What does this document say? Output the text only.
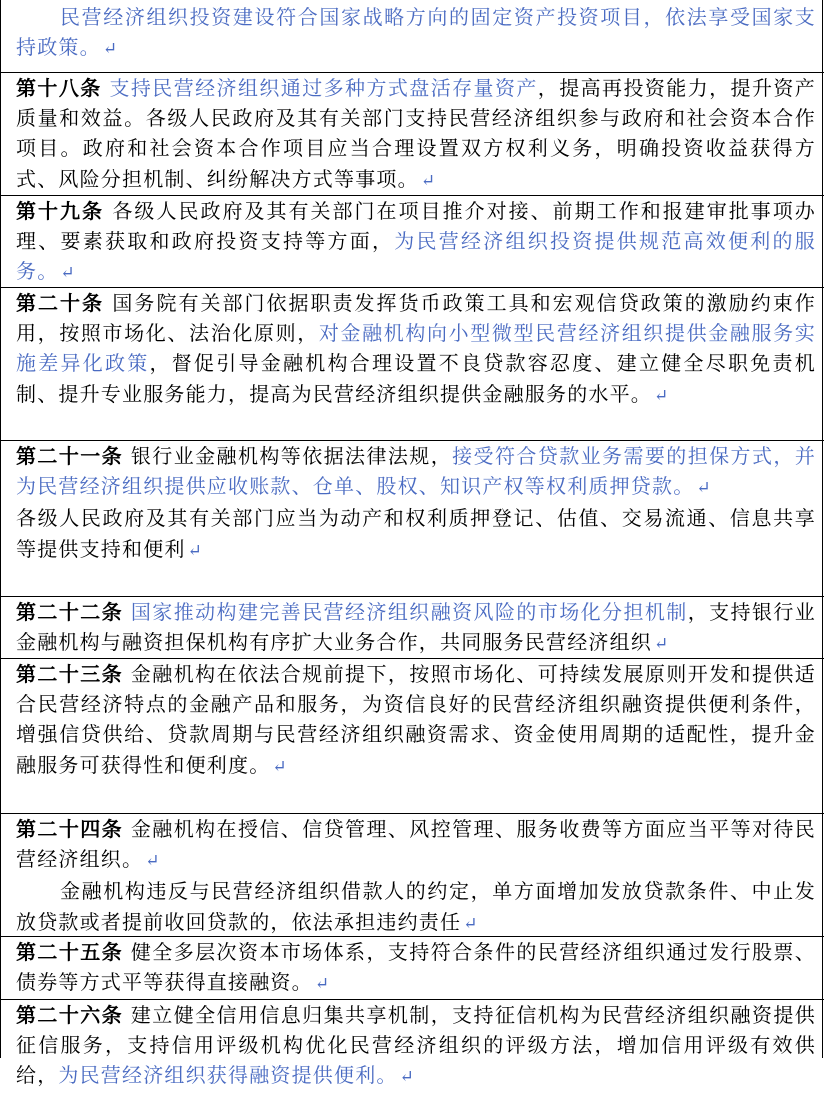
民营经济组织投资建设符合国家战略方向的固定资产投资项目，依法享受国家支持政策。 ↵
第十八条 支持民营经济组织通过多种方式盘活存量资产，提高再投资能力，提升资产质量和效益。各级人民政府及其有关部门支持民营经济组织参与政府和社会资本合作项目。政府和社会资本合作项目应当合理设置双方权利义务，明确投资收益获得方式、风险分担机制、纠纷解决方式等事项。 ↵
第十九条 各级人民政府及其有关部门在项目推介对接、前期工作和报建审批事项办理、要素获取和政府投资支持等方面，为民营经济组织投资提供规范高效便利的服务。 ↵
第二十条 国务院有关部门依据职责发挥货币政策工具和宏观信贷政策的激励约束作用，按照市场化、法治化原则，对金融机构向小型微型民营经济组织提供金融服务实施差异化政策，督促引导金融机构合理设置不良贷款容忍度、建立健全尽职免责机制、提升专业服务能力，提高为民营经济组织提供金融服务的水平。 ↵
第二十一条 银行业金融机构等依据法律法规，接受符合贷款业务需要的担保方式，并为民营经济组织提供应收账款、仓单、股权、知识产权等权利质押贷款。 ↵
各级人民政府及其有关部门应当为动产和权利质押登记、估值、交易流通、信息共享等提供支持和便利 ↵
第二十二条 国家推动构建完善民营经济组织融资风险的市场化分担机制，支持银行业金融机构与融资担保机构有序扩大业务合作，共同服务民营经济组织 ↵
第二十三条 金融机构在依法合规前提下，按照市场化、可持续发展原则开发和提供适合民营经济特点的金融产品和服务，为资信良好的民营经济组织融资提供便利条件，增强信贷供给、贷款周期与民营经济组织融资需求、资金使用周期的适配性，提升金融服务可获得性和便利度。 ↵
第二十四条 金融机构在授信、信贷管理、风控管理、服务收费等方面应当平等对待民营经济组织。 ↵
金融机构违反与民营经济组织借款人的约定，单方面增加发放贷款条件、中止发放贷款或者提前收回贷款的，依法承担违约责任 ↵
第二十五条 健全多层次资本市场体系，支持符合条件的民营经济组织通过发行股票、债券等方式平等获得直接融资。 ↵
第二十六条 建立健全信用信息归集共享机制，支持征信机构为民营经济组织融资提供征信服务，支持信用评级机构优化民营经济组织的评级方法，增加信用评级有效供给，为民营经济组织获得融资提供便利。 ↵
